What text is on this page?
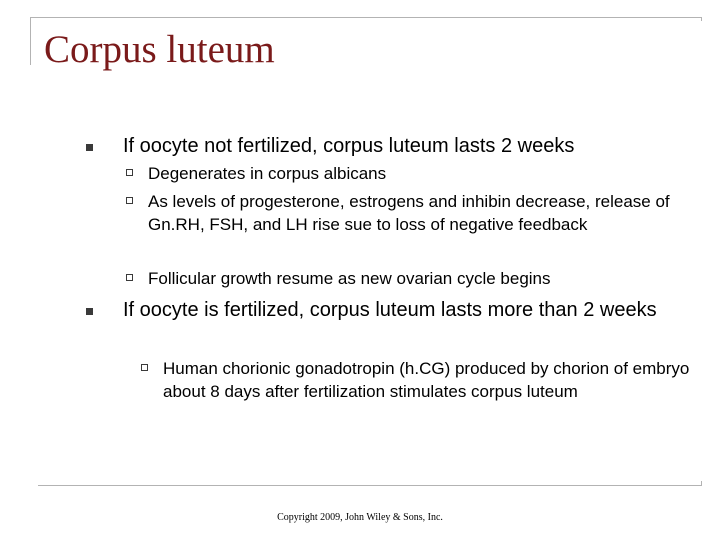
Corpus luteum
If oocyte not fertilized, corpus luteum lasts 2 weeks
Degenerates in corpus albicans
As levels of progesterone, estrogens and inhibin decrease, release of Gn.RH, FSH, and LH rise sue to loss of negative feedback
Follicular growth resume as new ovarian cycle begins
If oocyte is fertilized, corpus luteum lasts more than 2 weeks
Human chorionic gonadotropin (h.CG) produced by chorion of embryo about 8 days after fertilization stimulates corpus luteum
Copyright 2009, John Wiley & Sons, Inc.
